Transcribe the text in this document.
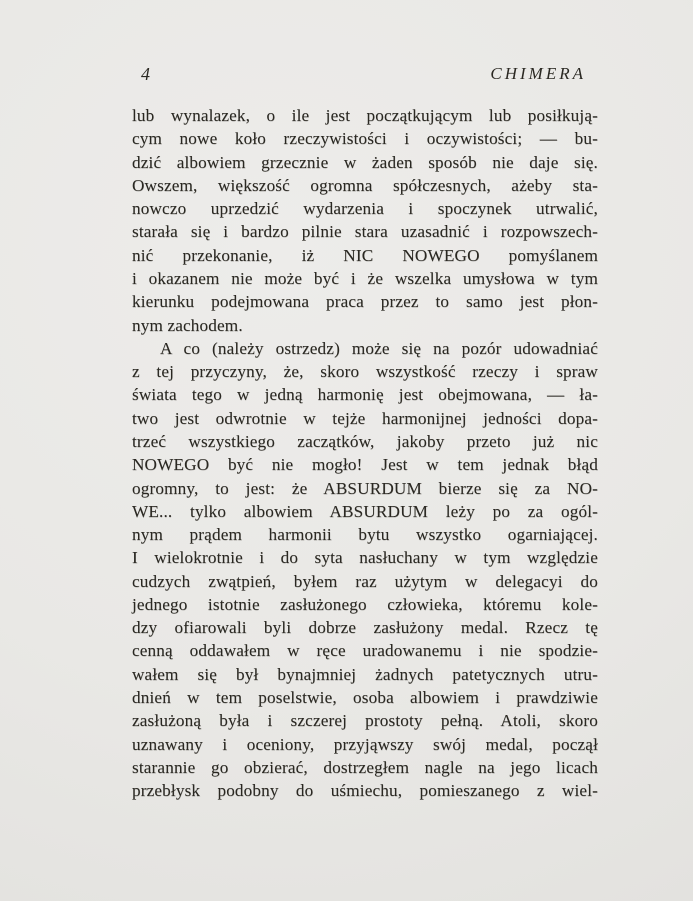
4	CHIMERA
lub wynalazek, o ile jest początkującym lub posiłkują-
cym nowe koło rzeczywistości i oczywistości; — bu-
dzić albowiem grzecznie w żaden sposób nie daje się.
Owszem, większość ogromna spółczesnych, ażeby sta-
nowczo uprzedzić wydarzenia i spoczynek utrwalić,
starała się i bardzo pilnie stara uzasadnić i rozpowszech-
nić przekonanie, iż NIC NOWEGO pomyślanem
i okazanem nie może być i że wszelka umysłowa w tym
kierunku podejmowana praca przez to samo jest płon-
nym zachodem.
A co (należy ostrzedz) może się na pozór udowadniać
z tej przyczyny, że, skoro wszystkość rzeczy i spraw
świata tego w jedną harmonię jest obejmowana, — ła-
two jest odwrotnie w tejże harmonijnej jedności dopa-
trzeć wszystkiego zaczątków, jakoby przeto już nic
NOWEGO być nie mogło! Jest w tem jednak błąd
ogromny, to jest: że ABSURDUM bierze się za NO-
WE... tylko albowiem ABSURDUM leży po za ogól-
nym prądem harmonii bytu wszystko ogarniającej.
I wielokrotnie i do syta nasłuchany w tym względzie
cudzych zwątpień, byłem raz użytym w delegacyi do
jednego istotnie zasłużonego człowieka, któremu kole-
dzy ofiarowali byli dobrze zasłużony medal. Rzecz tę
cenną oddawałem w ręce uradowanemu i nie spodzie-
wałem się był bynajmniej żadnych patetycznych utru-
dnień w tem poselstwie, osoba albowiem i prawdziwie
zasłużoną była i szczerej prostoty pełną. Atoli, skoro
uznawany i oceniony, przyjąwszy swój medal, począł
starannie go obzierać, dostrzegłem nagle na jego licach
przebłysk podobny do uśmiechu, pomieszanego z wiel-
